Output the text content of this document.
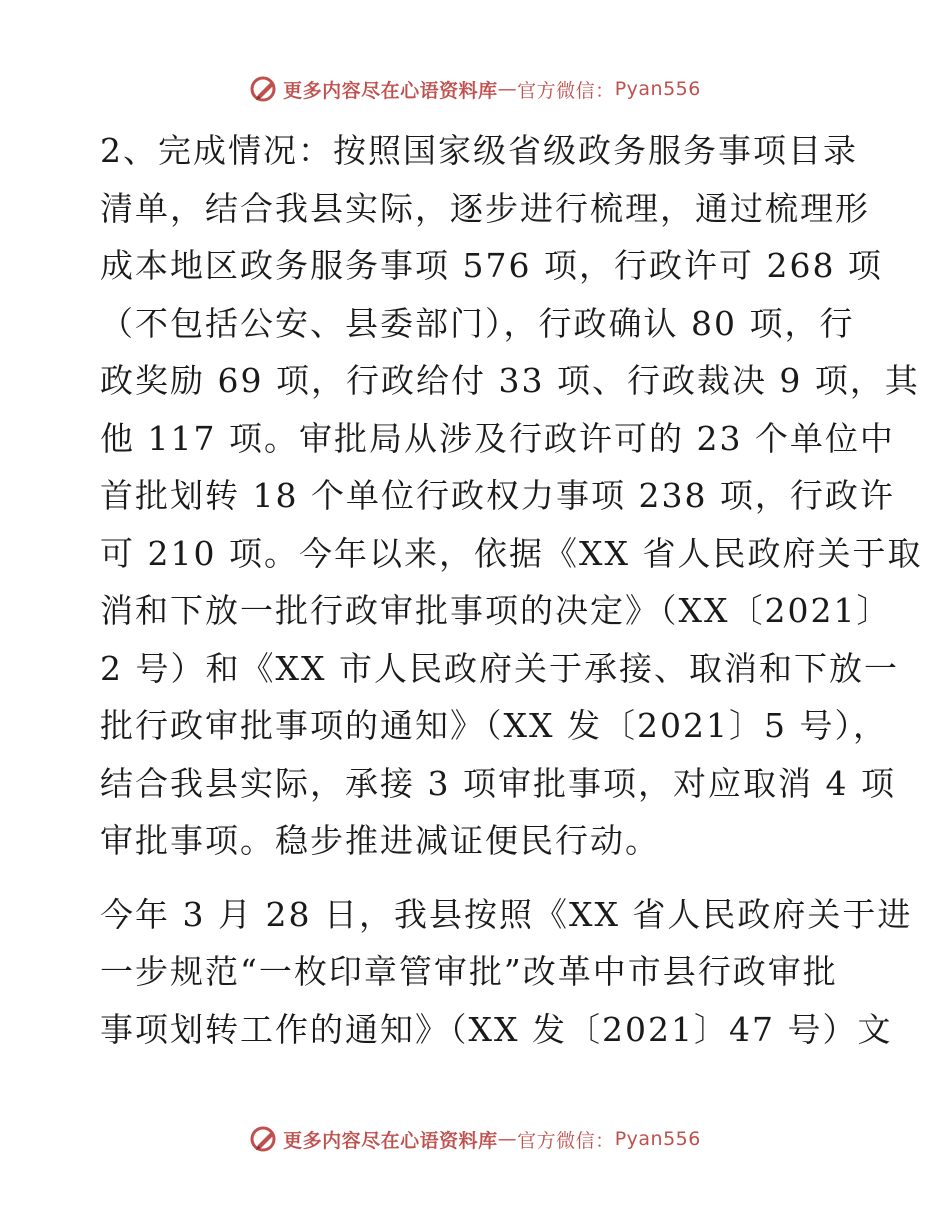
更多内容尽在心语资料库 — 官方微信： Pyan556

2、完成情况：按照国家级省级政务服务事项目录
清单，结合我县实际，逐步进行梳理，通过梳理形
成本地区政务服务事项 576 项，行政许可 268 项
（不包括公安、县委部门），行政确认 80 项，行
政奖励 69 项，行政给付 33 项、行政裁决 9 项，其
他 117 项。审批局从涉及行政许可的 23 个单位中
首批划转 18 个单位行政权力事项 238 项，行政许
可 210 项。今年以来，依据《XX 省人民政府关于取
消和下放一批行政审批事项的决定》（XX〔2021〕
2 号）和《XX 市人民政府关于承接、取消和下放一
批行政审批事项的通知》（XX 发〔2021〕5 号），
结合我县实际，承接 3 项审批事项，对应取消 4 项
审批事项。稳步推进减证便民行动。

今年 3 月 28 日，我县按照《XX 省人民政府关于进
一步规范“一枚印章管审批”改革中市县行政审批
事项划转工作的通知》（XX 发〔2021〕47 号）文

更多内容尽在心语资料库 — 官方微信： Pyan556
